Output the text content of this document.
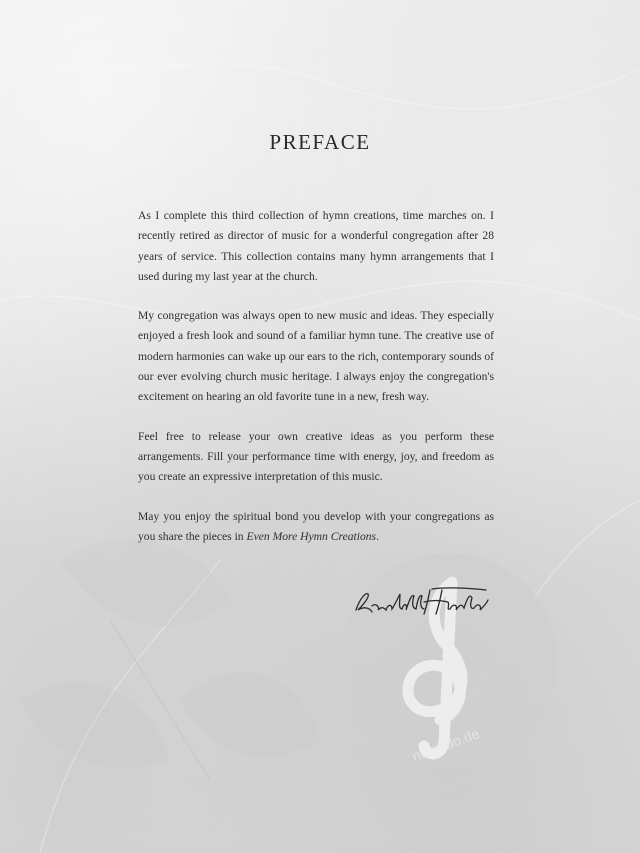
notendo.de
PREFACE

As I complete this third collection of hymn creations, time marches on. I recently retired as director of music for a wonderful congregation after 28 years of service. This collection contains many hymn arrangements that I used during my last year at the church.

My congregation was always open to new music and ideas. They especially enjoyed a fresh look and sound of a familiar hymn tune. The creative use of modern harmonies can wake up our ears to the rich, contemporary sounds of our ever evolving church music heritage. I always enjoy the congregation's excitement on hearing an old favorite tune in a new, fresh way.

Feel free to release your own creative ideas as you perform these arrangements. Fill your performance time with energy, joy, and freedom as you create an expressive interpretation of this music.

May you enjoy the spiritual bond you develop with your congregations as you share the pieces in Even More Hymn Creations.
